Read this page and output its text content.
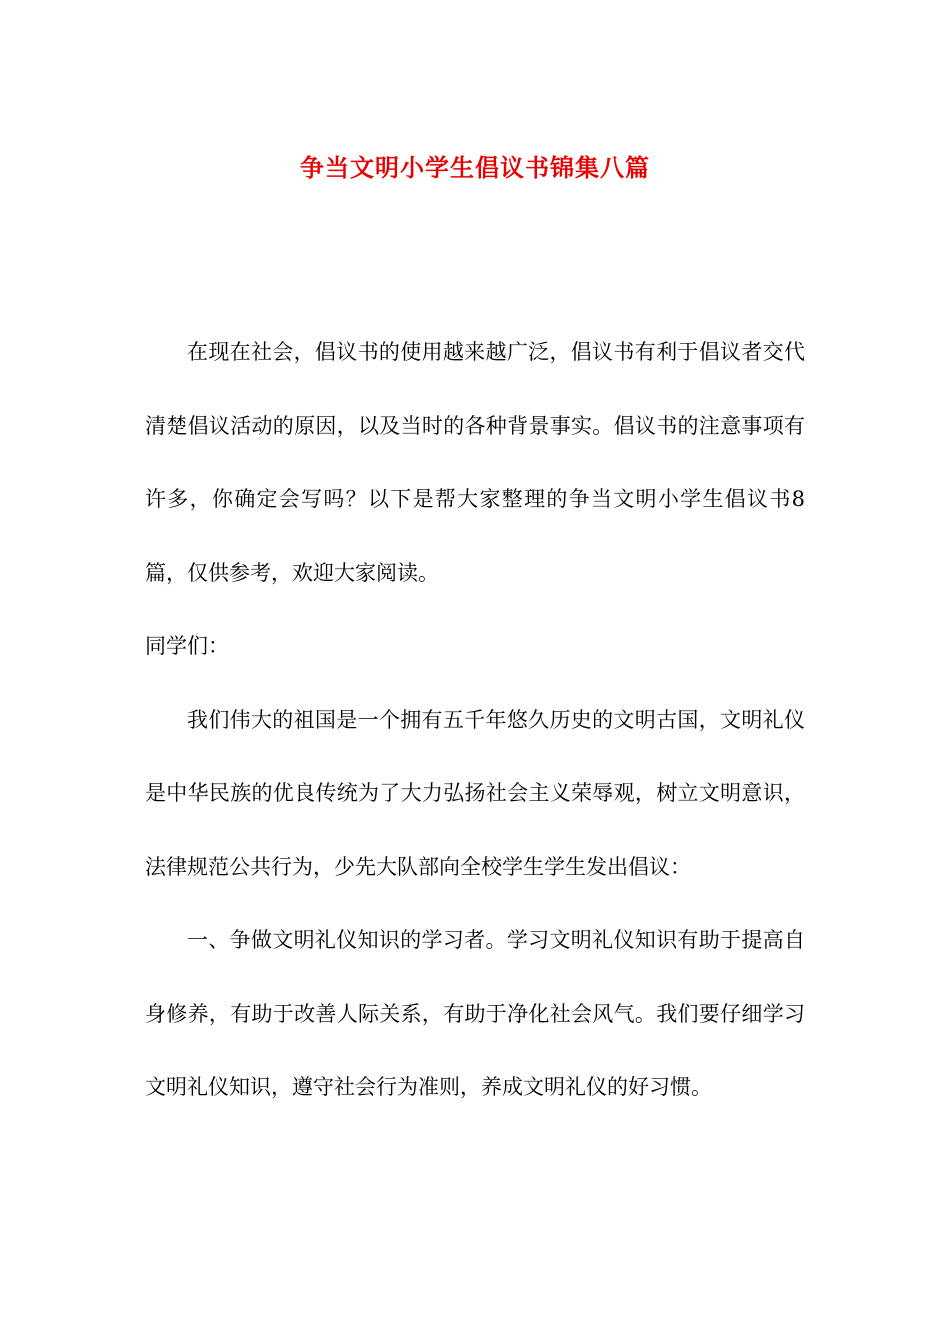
争当文明小学生倡议书锦集八篇

在现在社会，倡议书的使用越来越广泛，倡议书有利于倡议者交代清楚倡议活动的原因，以及当时的各种背景事实。倡议书的注意事项有许多，你确定会写吗？以下是帮大家整理的争当文明小学生倡议书8篇，仅供参考，欢迎大家阅读。

同学们：

我们伟大的祖国是一个拥有五千年悠久历史的文明古国，文明礼仪是中华民族的优良传统为了大力弘扬社会主义荣辱观，树立文明意识，法律规范公共行为，少先大队部向全校学生学生发出倡议：

一、争做文明礼仪知识的学习者。学习文明礼仪知识有助于提高自身修养，有助于改善人际关系，有助于净化社会风气。我们要仔细学习文明礼仪知识，遵守社会行为准则，养成文明礼仪的好习惯。
